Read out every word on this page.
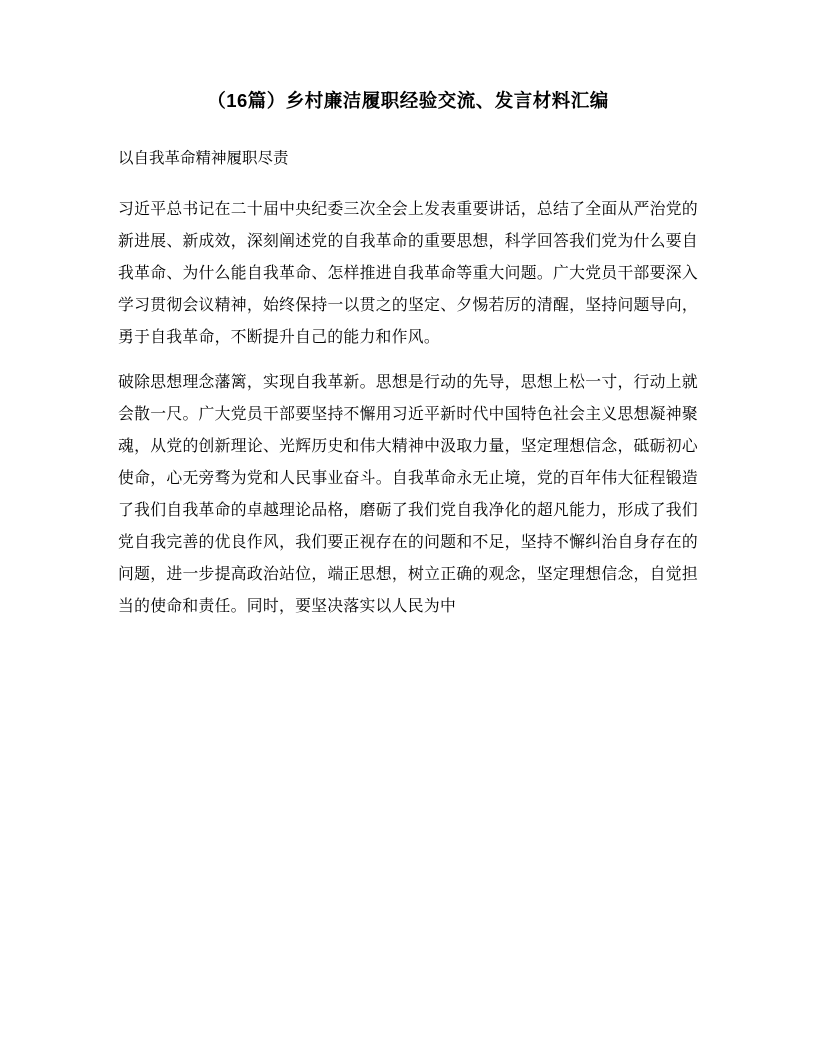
（16篇）乡村廉洁履职经验交流、发言材料汇编
以自我革命精神履职尽责

习近平总书记在二十届中央纪委三次全会上发表重要讲话，总结了全面从严治党的新进展、新成效，深刻阐述党的自我革命的重要思想，科学回答我们党为什么要自我革命、为什么能自我革命、怎样推进自我革命等重大问题。广大党员干部要深入学习贯彻会议精神，始终保持一以贯之的坚定、夕惕若厉的清醒，坚持问题导向，勇于自我革命，不断提升自己的能力和作风。

破除思想理念藩篱，实现自我革新。思想是行动的先导，思想上松一寸，行动上就会散一尺。广大党员干部要坚持不懈用习近平新时代中国特色社会主义思想凝神聚魂，从党的创新理论、光辉历史和伟大精神中汲取力量，坚定理想信念，砥砺初心使命，心无旁骛为党和人民事业奋斗。自我革命永无止境，党的百年伟大征程锻造了我们自我革命的卓越理论品格，磨砺了我们党自我净化的超凡能力，形成了我们党自我完善的优良作风，我们要正视存在的问题和不足，坚持不懈纠治自身存在的问题，进一步提高政治站位，端正思想，树立正确的观念，坚定理想信念，自觉担当的使命和责任。同时，要坚决落实以人民为中
